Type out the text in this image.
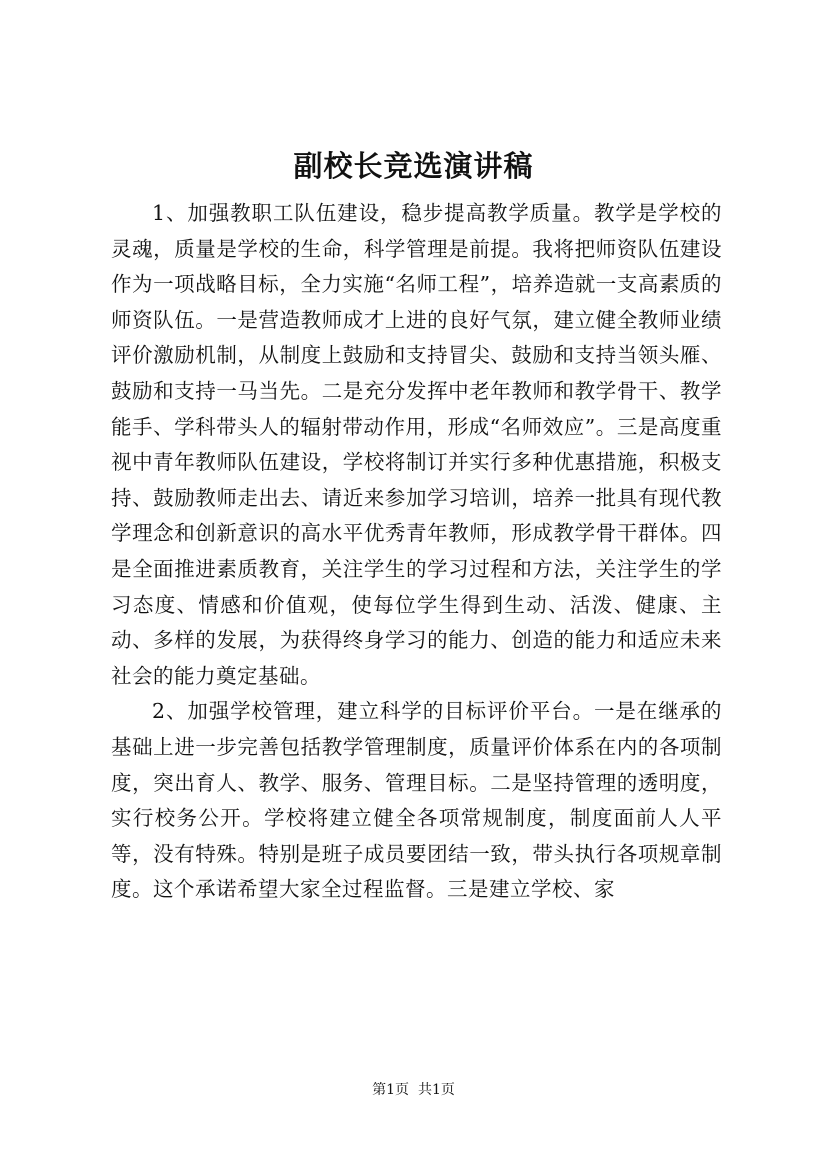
副校长竞选演讲稿

1、加强教职工队伍建设，稳步提高教学质量。教学是学校的灵魂，质量是学校的生命，科学管理是前提。我将把师资队伍建设作为一项战略目标，全力实施“名师工程”，培养造就一支高素质的师资队伍。一是营造教师成才上进的良好气氛，建立健全教师业绩评价激励机制，从制度上鼓励和支持冒尖、鼓励和支持当领头雁、鼓励和支持一马当先。二是充分发挥中老年教师和教学骨干、教学能手、学科带头人的辐射带动作用，形成“名师效应”。三是高度重视中青年教师队伍建设，学校将制订并实行多种优惠措施，积极支持、鼓励教师走出去、请近来参加学习培训，培养一批具有现代教学理念和创新意识的高水平优秀青年教师，形成教学骨干群体。四是全面推进素质教育，关注学生的学习过程和方法，关注学生的学习态度、情感和价值观，使每位学生得到生动、活泼、健康、主动、多样的发展，为获得终身学习的能力、创造的能力和适应未来社会的能力奠定基础。

2、加强学校管理，建立科学的目标评价平台。一是在继承的基础上进一步完善包括教学管理制度，质量评价体系在内的各项制度，突出育人、教学、服务、管理目标。二是坚持管理的透明度，实行校务公开。学校将建立健全各项常规制度，制度面前人人平等，没有特殊。特别是班子成员要团结一致，带头执行各项规章制度。这个承诺希望大家全过程监督。三是建立学校、家

第1页  共1页
